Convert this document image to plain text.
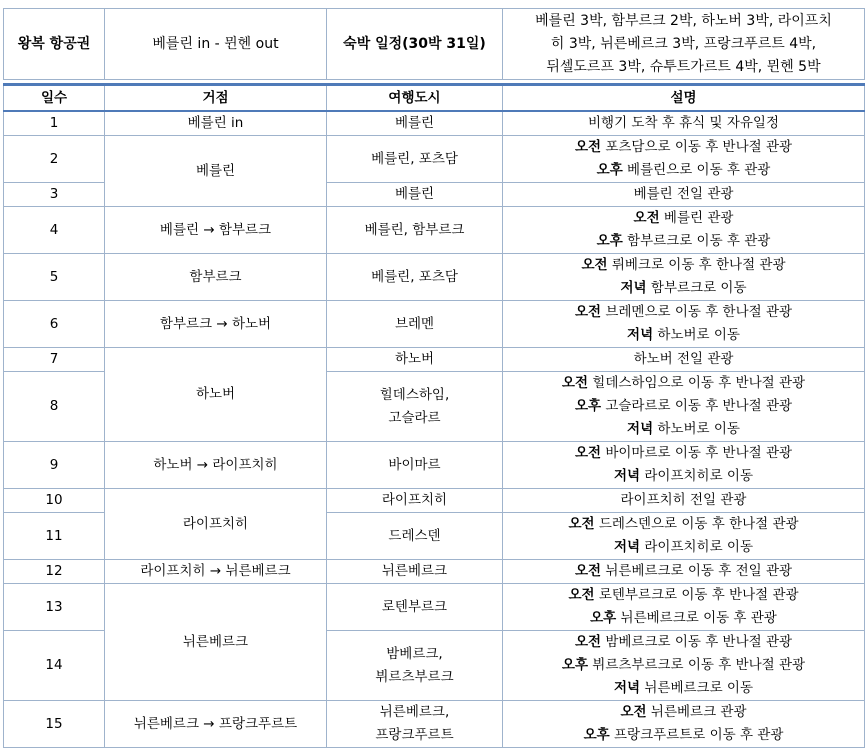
왕복 항공권	베를린 in - 뮌헨 out	숙박 일정(30박 31일)	
베를린 3박, 함부르크 2박, 하노버 3박, 라이프치
히 3박, 뉘른베르크 3박, 프랑크푸르트 4박,
뒤셀도르프 3박, 슈투트가르트 4박, 뮌헨 5박
일수	거점	여행도시	설명
1	베를린 in	베를린	비행기 도착 후 휴식 및 자유일정

2	베를린	베를린, 포츠담	오전 포츠담으로 이동 후 반나절 관광
오후 베를린으로 이동 후 관광

3		베를린	베를린 전일 관광

4	베를린 → 함부르크	베를린, 함부르크	오전 베를린 관광
오후 함부르크로 이동 후 관광

5	함부르크	베를린, 포츠담	오전 뤼베크로 이동 후 한나절 관광
저녁 함부르크로 이동

6	함부르크 → 하노버	브레멘	오전 브레멘으로 이동 후 한나절 관광
저녁 하노버로 이동

7	하노버	하노버	하노버 전일 관광

8		힐데스하임,
고슬라르	오전 힐데스하임으로 이동 후 반나절 관광
오후 고슬라르로 이동 후 반나절 관광
저녁 하노버로 이동

9	하노버 → 라이프치히	바이마르	오전 바이마르로 이동 후 반나절 관광
저녁 라이프치히로 이동

10	라이프치히	라이프치히	라이프치히 전일 관광

11		드레스덴	오전 드레스덴으로 이동 후 한나절 관광
저녁 라이프치히로 이동

12	라이프치히 → 뉘른베르크	뉘른베르크	오전 뉘른베르크로 이동 후 전일 관광

13	뉘른베르크	로텐부르크	오전 로텐부르크로 이동 후 반나절 관광
오후 뉘른베르크로 이동 후 관광

14		밤베르크,
뷔르츠부르크	오전 밤베르크로 이동 후 반나절 관광
오후 뷔르츠부르크로 이동 후 반나절 관광
저녁 뉘른베르크로 이동

15	뉘른베르크 → 프랑크푸르트	뉘른베르크,
프랑크푸르트	오전 뉘른베르크 관광
오후 프랑크푸르트로 이동 후 관광
